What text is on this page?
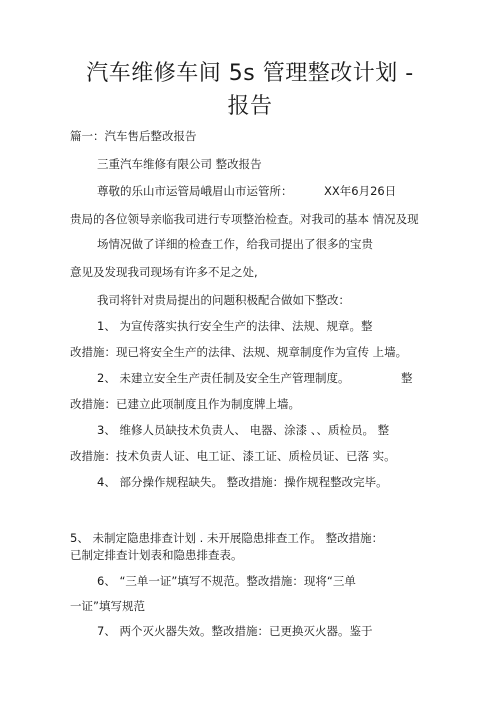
汽车维修车间 5s 管理整改计划 -
报告
篇一：汽车售后整改报告
三重汽车维修有限公司 整改报告
尊敬的乐山市运管局峨眉山市运管所：	XX年6月26日
贵局的各位领导亲临我司进行专项整治检查。对我司的基本 情况及现
场情况做了详细的检查工作，给我司提出了很多的宝贵
意见及发现我司现场有许多不足之处,
我司将针对贵局提出的问题积极配合做如下整改：
1、 为宣传落实执行安全生产的法律、法规、规章。整
改措施：现已将安全生产的法律、法规、规章制度作为宣传 上墙。
2、 未建立安全生产责任制及安全生产管理制度。	整
改措施：已建立此项制度且作为制度牌上墙。
3、 维修人员缺技术负责人、 电器、涂漆 、、质检员。 整
改措施：技术负责人证、电工证、漆工证、质检员证、已落 实。
4、 部分操作规程缺失。 整改措施：操作规程整改完毕。
5、 未制定隐患排查计划 . 未开展隐患排查工作。 整改措施：
已制定排查计划表和隐患排查表。
6、 “三单一证”填写不规范。整改措施：现将“三单
一证”填写规范
7、 两个灭火器失效。整改措施：已更换灭火器。鉴于
